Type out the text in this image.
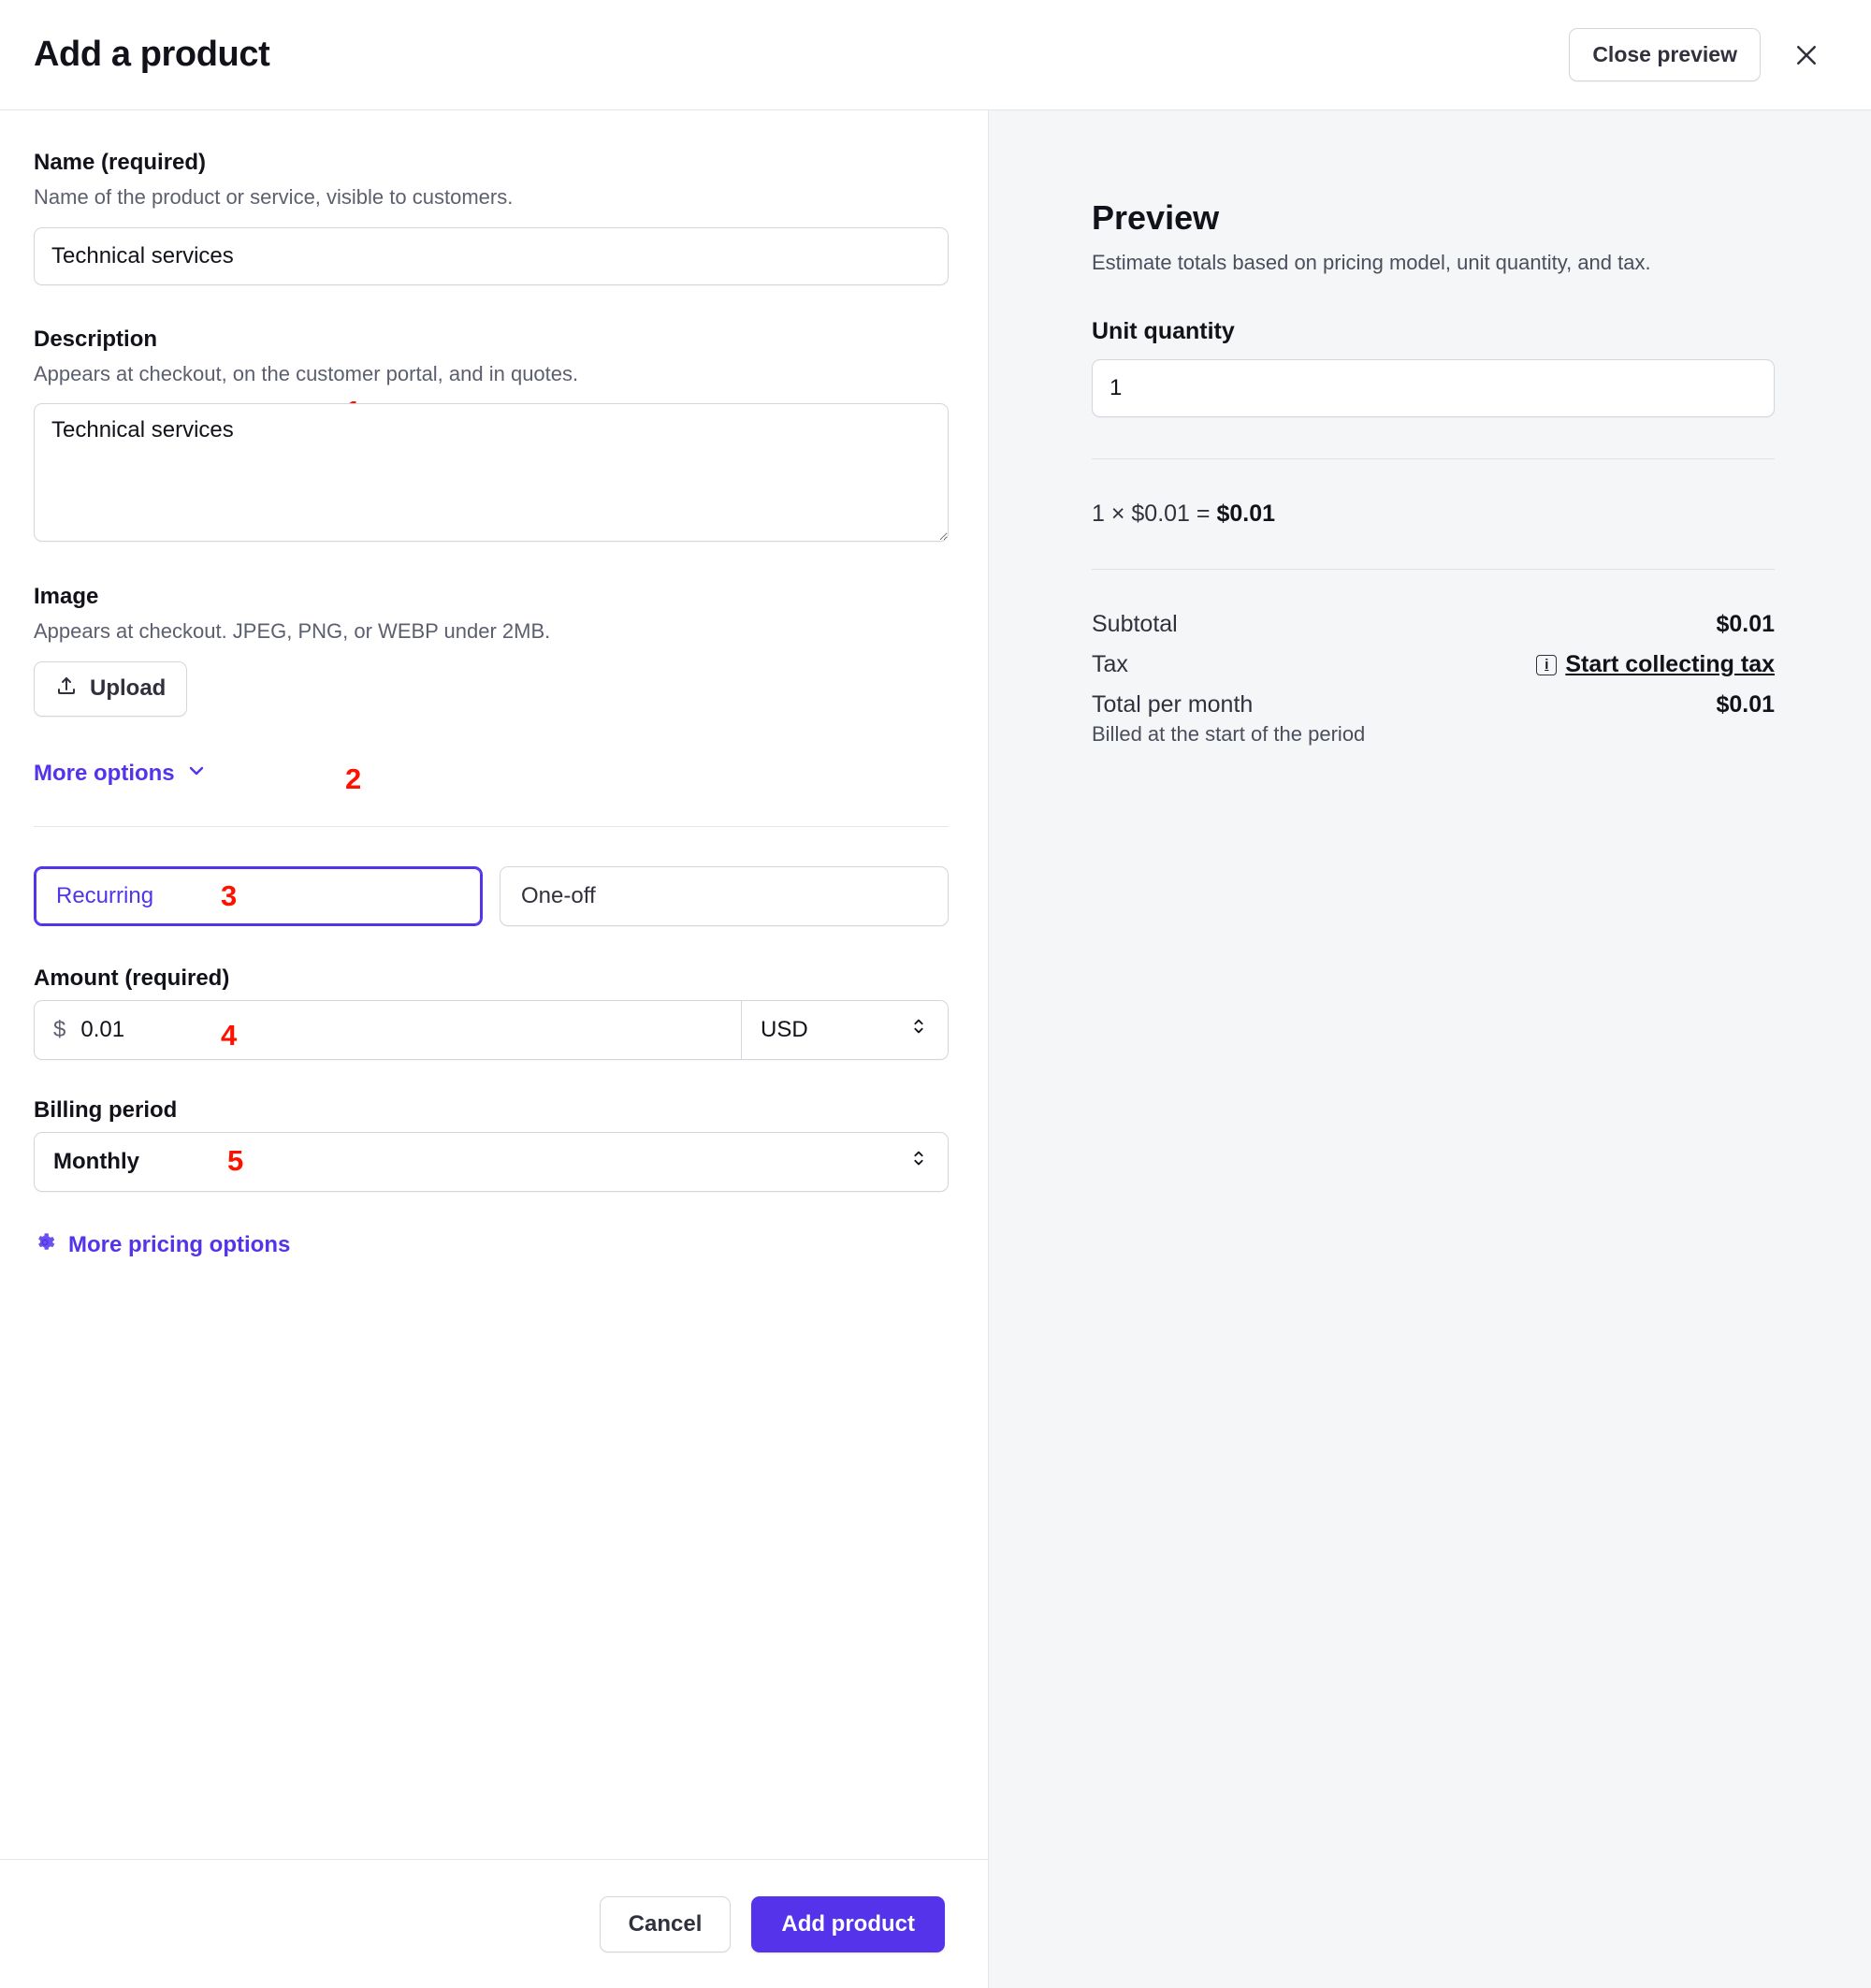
Add a product	Close preview
Name (required)
Name of the product or service, visible to customers.
Technical services
Description
Appears at checkout, on the customer portal, and in quotes.
Technical services
2
Image
Appears at checkout. JPEG, PNG, or WEBP under 2MB.
Upload
More options
Recurring	One-off
3
Amount (required)
$
0.01	USD
4
Billing period
Monthly	5
More pricing options
Cancel	Add product
Preview
Estimate totals based on pricing model, unit quantity, and tax.
Unit quantity
1
1 × $0.01 = $0.01
Subtotal	$0.01
Tax	i Start collecting tax
Total per month	$0.01
Billed at the start of the period
